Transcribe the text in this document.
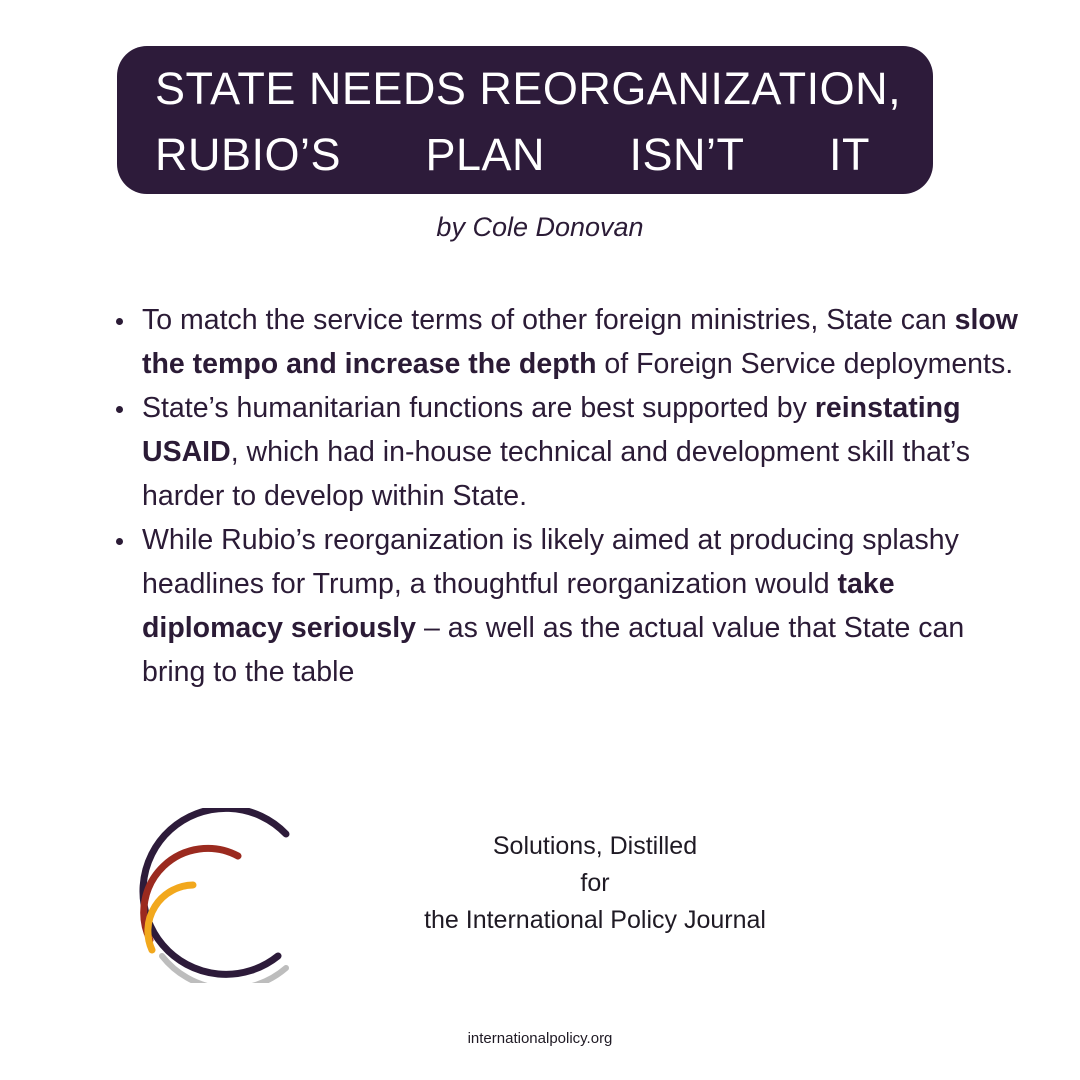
STATE NEEDS REORGANIZATION,
RUBIO’S PLAN ISN’T IT
by Cole Donovan
To match the service terms of other foreign ministries, State can slow the tempo and increase the depth of Foreign Service deployments.
State’s humanitarian functions are best supported by reinstating USAID, which had in-house technical and development skill that’s harder to develop within State.
While Rubio’s reorganization is likely aimed at producing splashy headlines for Trump, a thoughtful reorganization would take diplomacy seriously – as well as the actual value that State can bring to the table
Solutions, Distilled
for
the International Policy Journal
internationalpolicy.org
